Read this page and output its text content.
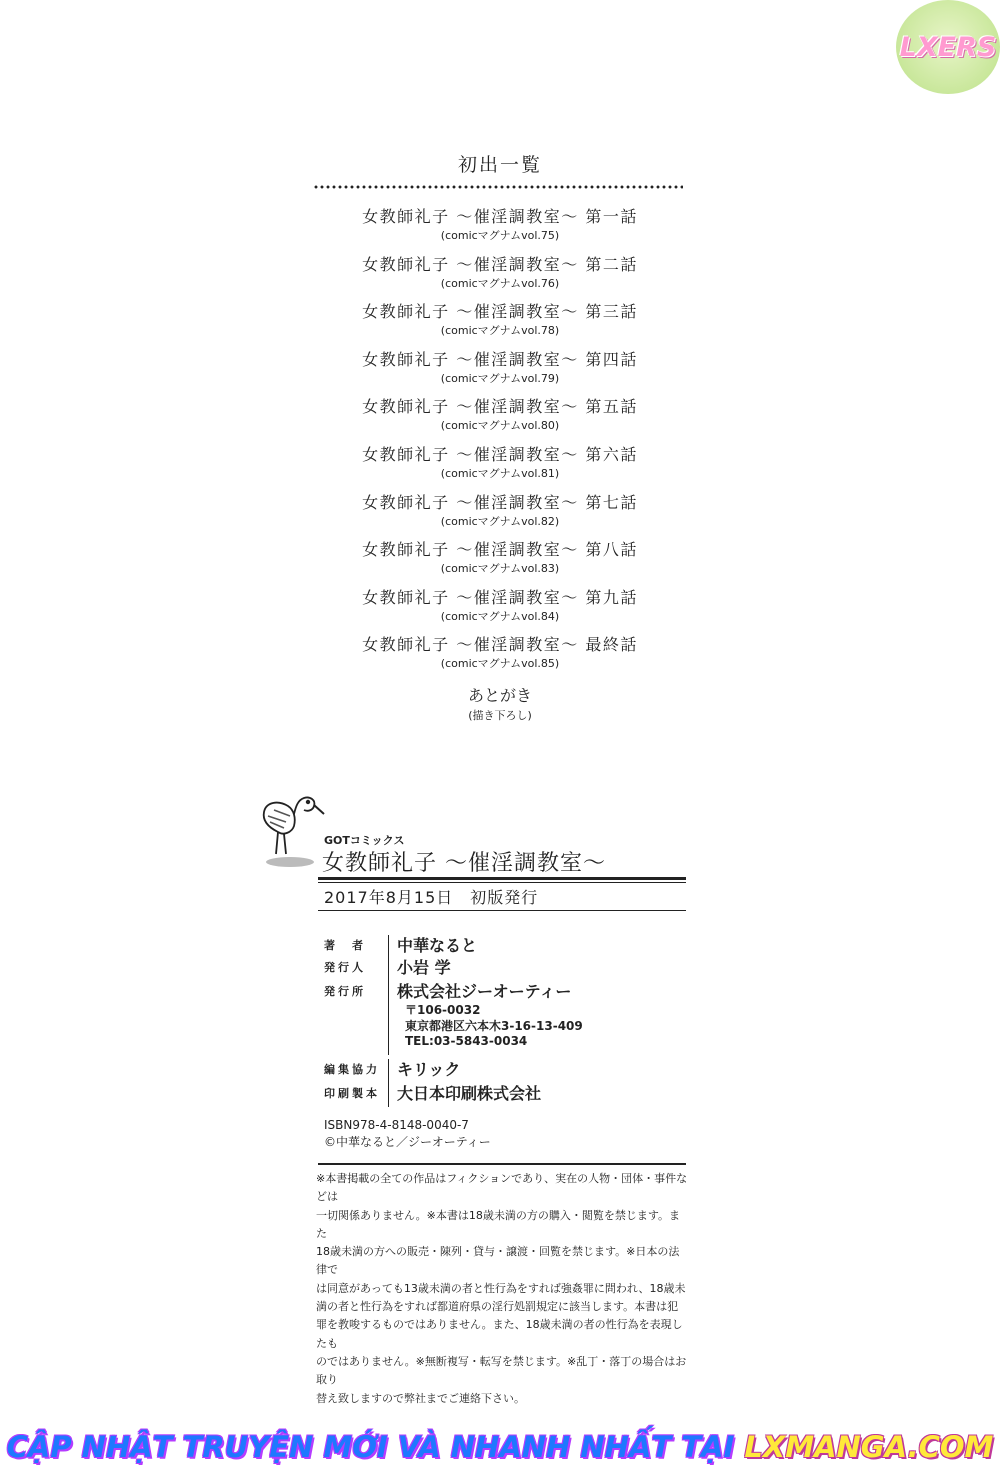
LXERS
初出一覧
女教師礼子 〜催淫調教室〜 第一話
(comicマグナムvol.75)
女教師礼子 〜催淫調教室〜 第二話
(comicマグナムvol.76)
女教師礼子 〜催淫調教室〜 第三話
(comicマグナムvol.78)
女教師礼子 〜催淫調教室〜 第四話
(comicマグナムvol.79)
女教師礼子 〜催淫調教室〜 第五話
(comicマグナムvol.80)
女教師礼子 〜催淫調教室〜 第六話
(comicマグナムvol.81)
女教師礼子 〜催淫調教室〜 第七話
(comicマグナムvol.82)
女教師礼子 〜催淫調教室〜 第八話
(comicマグナムvol.83)
女教師礼子 〜催淫調教室〜 第九話
(comicマグナムvol.84)
女教師礼子 〜催淫調教室〜 最終話
(comicマグナムvol.85)
あとがき
(描き下ろし)
GOTコミックス
女教師礼子 〜催淫調教室〜
2017年8月15日　初版発行
著　者	中華なると
発行人	小岩 学
発行所	株式会社ジーオーティー
〒106-0032
東京都港区六本木3-16-13-409
TEL:03-5843-0034
編集協力	キリック
印刷製本	大日本印刷株式会社
ISBN978-4-8148-0040-7
©中華なると／ジーオーティー
※本書掲載の全ての作品はフィクションであり、実在の人物・団体・事件などは
一切関係ありません。※本書は18歳未満の方の購入・閲覧を禁じます。また
18歳未満の方への販売・陳列・貸与・譲渡・回覧を禁じます。※日本の法律で
は同意があっても13歳未満の者と性行為をすれば強姦罪に問われ、18歳未
満の者と性行為をすれば都道府県の淫行処罰規定に該当します。本書は犯
罪を教唆するものではありません。また、18歳未満の者の性行為を表現したも
のではありません。※無断複写・転写を禁じます。※乱丁・落丁の場合はお取り
替え致しますので弊社までご連絡下さい。
CẬP NHẬT TRUYỆN MỚI VÀ NHANH NHẤT TẠI LXMANGA.COM
